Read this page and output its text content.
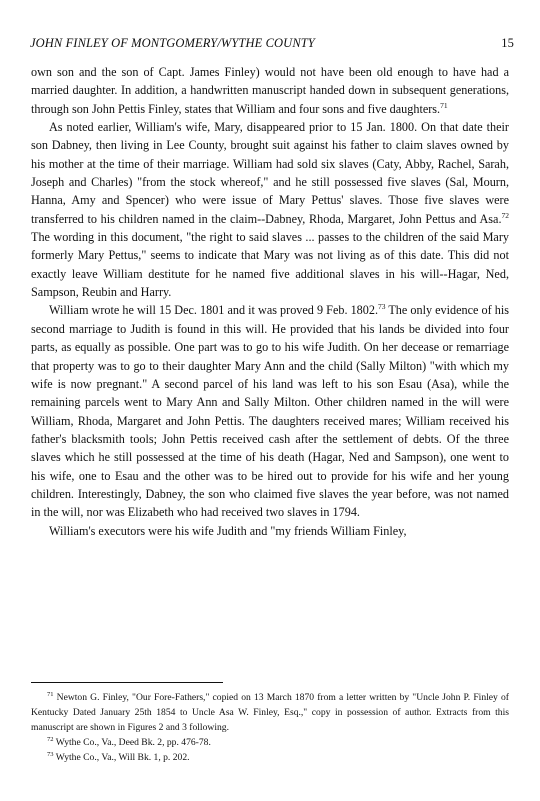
JOHN FINLEY OF MONTGOMERY/WYTHE COUNTY	15

own son and the son of Capt. James Finley) would not have been old enough to have had a married daughter. In addition, a handwritten manuscript handed down in subsequent generations, through son John Pettis Finley, states that William and four sons and five daughters.$^{71}$

As noted earlier, William's wife, Mary, disappeared prior to 15 Jan. 1800. On that date their son Dabney, then living in Lee County, brought suit against his father to claim slaves owned by his mother at the time of their marriage. William had sold six slaves (Caty, Abby, Rachel, Sarah, Joseph and Charles) "from the stock whereof," and he still possessed five slaves (Sal, Mourn, Hanna, Amy and Spencer) who were issue of Mary Pettus' slaves. Those five slaves were transferred to his children named in the claim--Dabney, Rhoda, Margaret, John Pettus and Asa.$^{72}$ The wording in this document, "the right to said slaves ... passes to the children of the said Mary formerly Mary Pettus," seems to indicate that Mary was not living as of this date. This did not exactly leave William destitute for he named five additional slaves in his will--Hagar, Ned, Sampson, Reubin and Harry.

William wrote he will 15 Dec. 1801 and it was proved 9 Feb. 1802.73 The only evidence of his second marriage to Judith is found in this will. He provided that his lands be divided into four parts, as equally as possible. One part was to go to his wife Judith. On her decease or remarriage that property was to go to their daughter Mary Ann and the child (Sally Milton) "with which my wife is now pregnant." A second parcel of his land was left to his son Esau (Asa), while the remaining parcels went to Mary Ann and Sally Milton. Other children named in the will were William, Rhoda, Margaret and John Pettis. The daughters received mares; William received his father's blacksmith tools; John Pettis received cash after the settlement of debts. Of the three slaves which he still possessed at the time of his death (Hagar, Ned and Sampson), one went to his wife, one to Esau and the other was to be hired out to provide for his wife and her young children. Interestingly, Dabney, the son who claimed five slaves the year before, was not named in the will, nor was Elizabeth who had received two slaves in 1794.

William's executors were his wife Judith and "my friends William Finley,

$^{71}$ Newton G. Finley, "Our Fore-Fathers," copied on 13 March 1870 from a letter written by "Uncle John P. Finley of Kentucky Dated January 25th 1854 to Uncle Asa W. Finley, Esq.," copy in possession of author. Extracts from this manuscript are shown in Figures 2 and 3 following.

$^{72}$ Wythe Co., Va., Deed Bk. 2, pp. 476-78.

$^{73}$ Wythe Co., Va., Will Bk. 1, p. 202.
